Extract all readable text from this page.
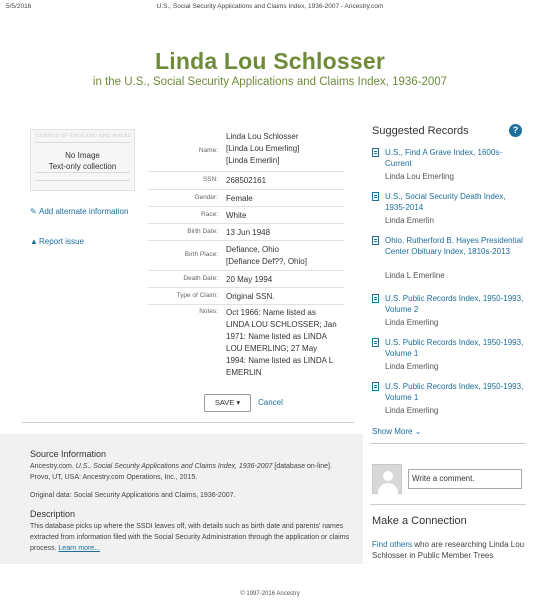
5/5/2016	U.S., Social Security Applications and Claims Index, 1936-2007 - Ancestry.com
Linda Lou Schlosser
in the U.S., Social Security Applications and Claims Index, 1936-2007
CENSUS OF ENGLAND AND WALES
No Image
Text-only collection
✎ Add alternate information
▲Report issue
Name:
Linda Lou Schlosser
[Linda Lou Emerling]
[Linda Emerlin]
SSN: 268502161
Gender: Female
Race: White
Birth Date: 13 Jun 1948
Birth Place:
Defiance, Ohio
[Defiance Def??, Ohio]
Death Date: 20 May 1994
Type of Claim: Original SSN.
Notes: Oct 1966: Name listed as
LINDA LOU SCHLOSSER; Jan
1971: Name listed as LINDA
LOU EMERLING; 27 May
1994: Name listed as LINDA L
EMERLIN
SAVE ▾	Cancel
Suggested Records	?
U.S., Find A Grave Index, 1600s-Current
Linda Lou Emerling
U.S., Social Security Death Index, 1935-2014
Linda Emerlin
Ohio, Rutherford B. Hayes Presidential Center Obituary Index, 1810s-2013
Linda L Emerline
U.S. Public Records Index, 1950-1993, Volume 2
Linda Emerling
U.S. Public Records Index, 1950-1993, Volume 1
Linda Emerling
U.S. Public Records Index, 1950-1993, Volume 1
Linda Emerling
Show More ⌄
Source Information
Ancestry.com. U.S., Social Security Applications and Claims Index, 1936-2007 [database on-line]. Provo, UT, USA: Ancestry.com Operations, Inc., 2015.
Original data: Social Security Applications and Claims, 1936-2007.
Description
This database picks up where the SSDI leaves off, with details such as birth date and parents' names extracted from information filed with the Social Security Administration through the application or claims process. Learn more...
Write a comment.
Make a Connection
Find others who are researching Linda Lou Schlosser in Public Member Trees
© 1997-2016 Ancestry
